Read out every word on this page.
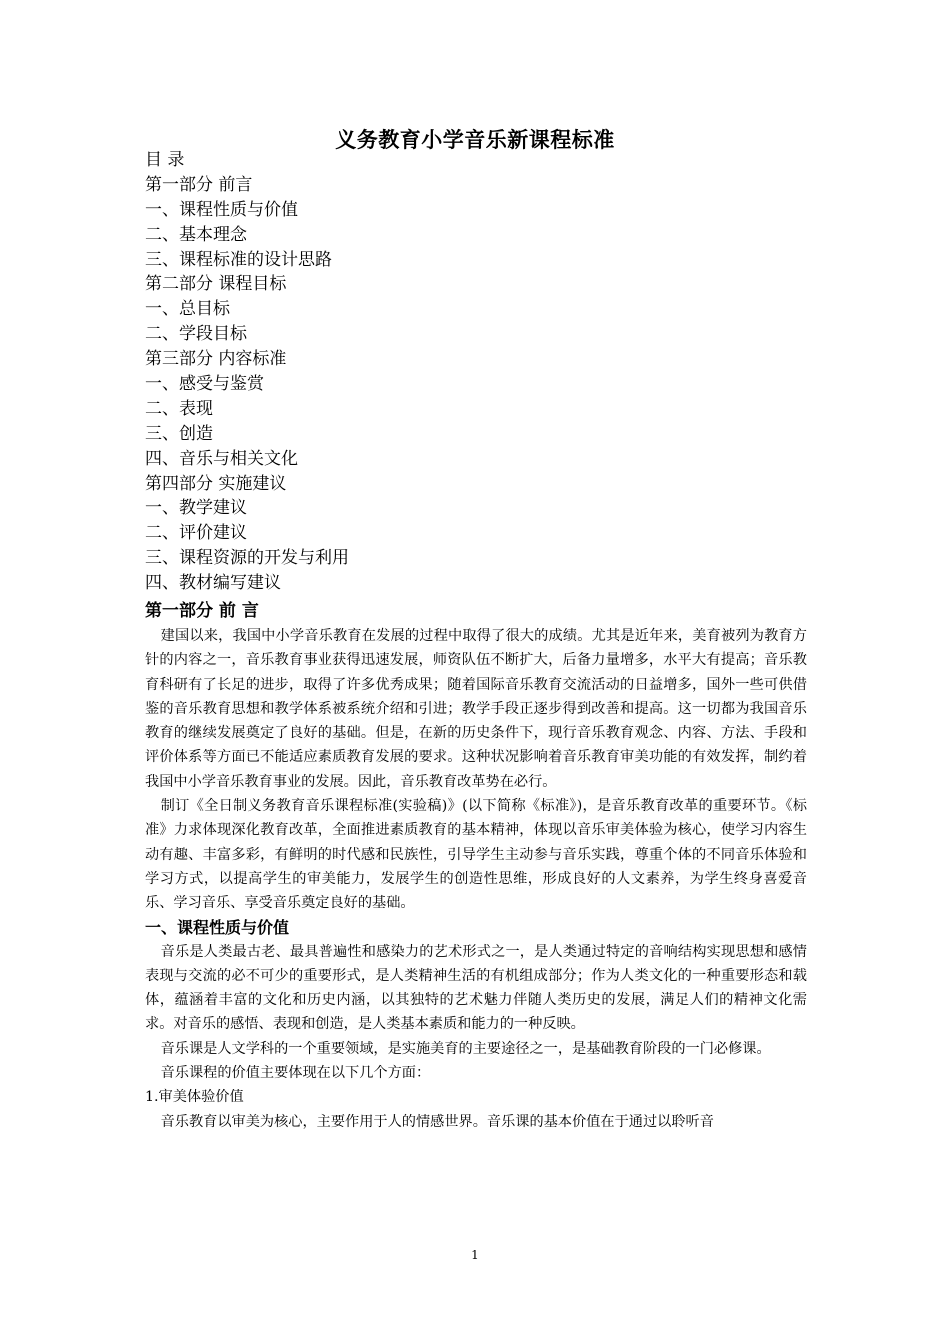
义务教育小学音乐新课程标准
目 录
第一部分 前言
一、课程性质与价值
二、基本理念
三、课程标准的设计思路
第二部分 课程目标
一、总目标
二、学段目标
第三部分 内容标准
一、感受与鉴赏
二、表现
三、创造
四、音乐与相关文化
第四部分 实施建议
一、教学建议
二、评价建议
三、课程资源的开发与利用
四、教材编写建议
第一部分 前 言

建国以来，我国中小学音乐教育在发展的过程中取得了很大的成绩。尤其是近年来，美育被列为教育方针的内容之一，音乐教育事业获得迅速发展，师资队伍不断扩大，后备力量增多，水平大有提高；音乐教育科研有了长足的进步，取得了许多优秀成果；随着国际音乐教育交流活动的日益增多，国外一些可供借鉴的音乐教育思想和教学体系被系统介绍和引进；教学手段正逐步得到改善和提高。这一切都为我国音乐教育的继续发展奠定了良好的基础。但是，在新的历史条件下，现行音乐教育观念、内容、方法、手段和评价体系等方面已不能适应素质教育发展的要求。这种状况影响着音乐教育审美功能的有效发挥，制约着我国中小学音乐教育事业的发展。因此，音乐教育改革势在必行。

制订《全日制义务教育音乐课程标准(实验稿)》(以下简称《标准》)，是音乐教育改革的重要环节。《标准》力求体现深化教育改革，全面推进素质教育的基本精神，体现以音乐审美体验为核心，使学习内容生动有趣、丰富多彩，有鲜明的时代感和民族性，引导学生主动参与音乐实践，尊重个体的不同音乐体验和学习方式，以提高学生的审美能力，发展学生的创造性思维，形成良好的人文素养，为学生终身喜爱音乐、学习音乐、享受音乐奠定良好的基础。

一、课程性质与价值

音乐是人类最古老、最具普遍性和感染力的艺术形式之一，是人类通过特定的音响结构实现思想和感情表现与交流的必不可少的重要形式，是人类精神生活的有机组成部分；作为人类文化的一种重要形态和载体，蕴涵着丰富的文化和历史内涵，以其独特的艺术魅力伴随人类历史的发展，满足人们的精神文化需求。对音乐的感悟、表现和创造，是人类基本素质和能力的一种反映。

音乐课是人文学科的一个重要领域，是实施美育的主要途径之一，是基础教育阶段的一门必修课。

音乐课程的价值主要体现在以下几个方面：

1.审美体验价值

音乐教育以审美为核心，主要作用于人的情感世界。音乐课的基本价值在于通过以聆听音

1
